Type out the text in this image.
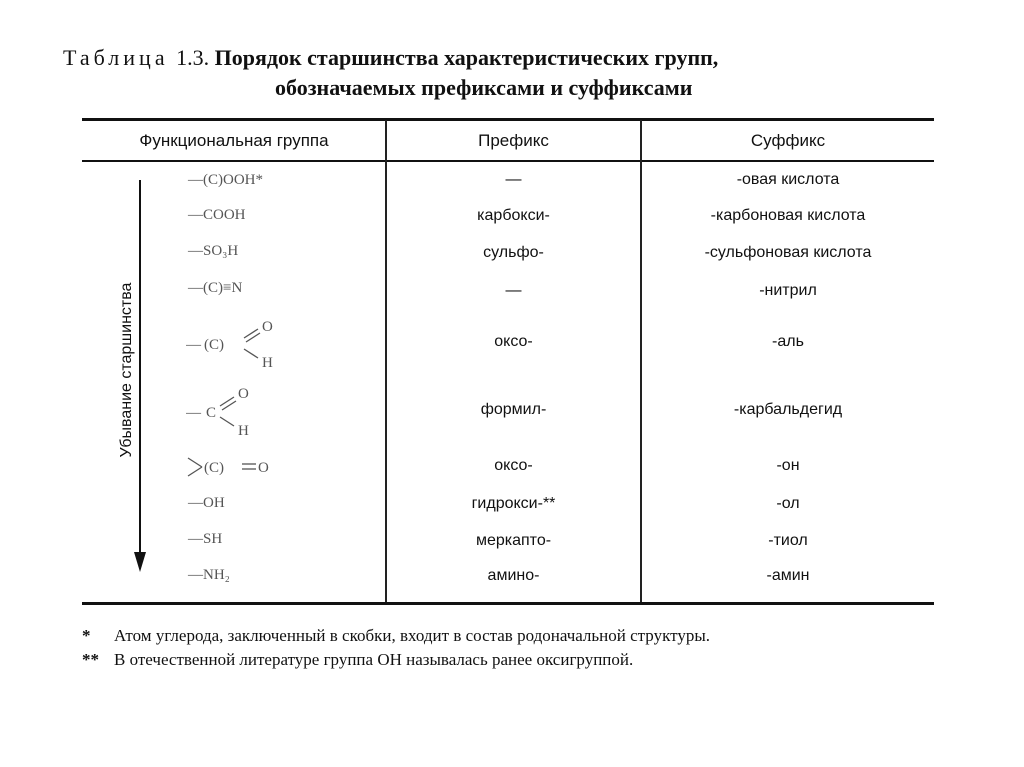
Таблица 1.3. Порядок старшинства характеристических групп,
обозначаемых префиксами и суффиксами
Функциональная группа	Префикс	Суффикс
Убывание старшинства
—(C)OOH*
—COOH
—SO₃H
—(C)≡N
— (C)
O
H
— C
O
H
(C) O
—OH
—SH
—NH₂
—
карбокси-
сульфо-
—
оксо-
формил-
оксо-
гидрокси-**
меркапто-
амино-
-овая кислота
-карбоновая кислота
-сульфоновая кислота
-нитрил
-аль
-карбальдегид
-он
-ол
-тиол
-амин
* Атом углерода, заключенный в скобки, входит в состав родоначальной структуры.
** В отечественной литературе группа OH называлась ранее оксигруппой.
